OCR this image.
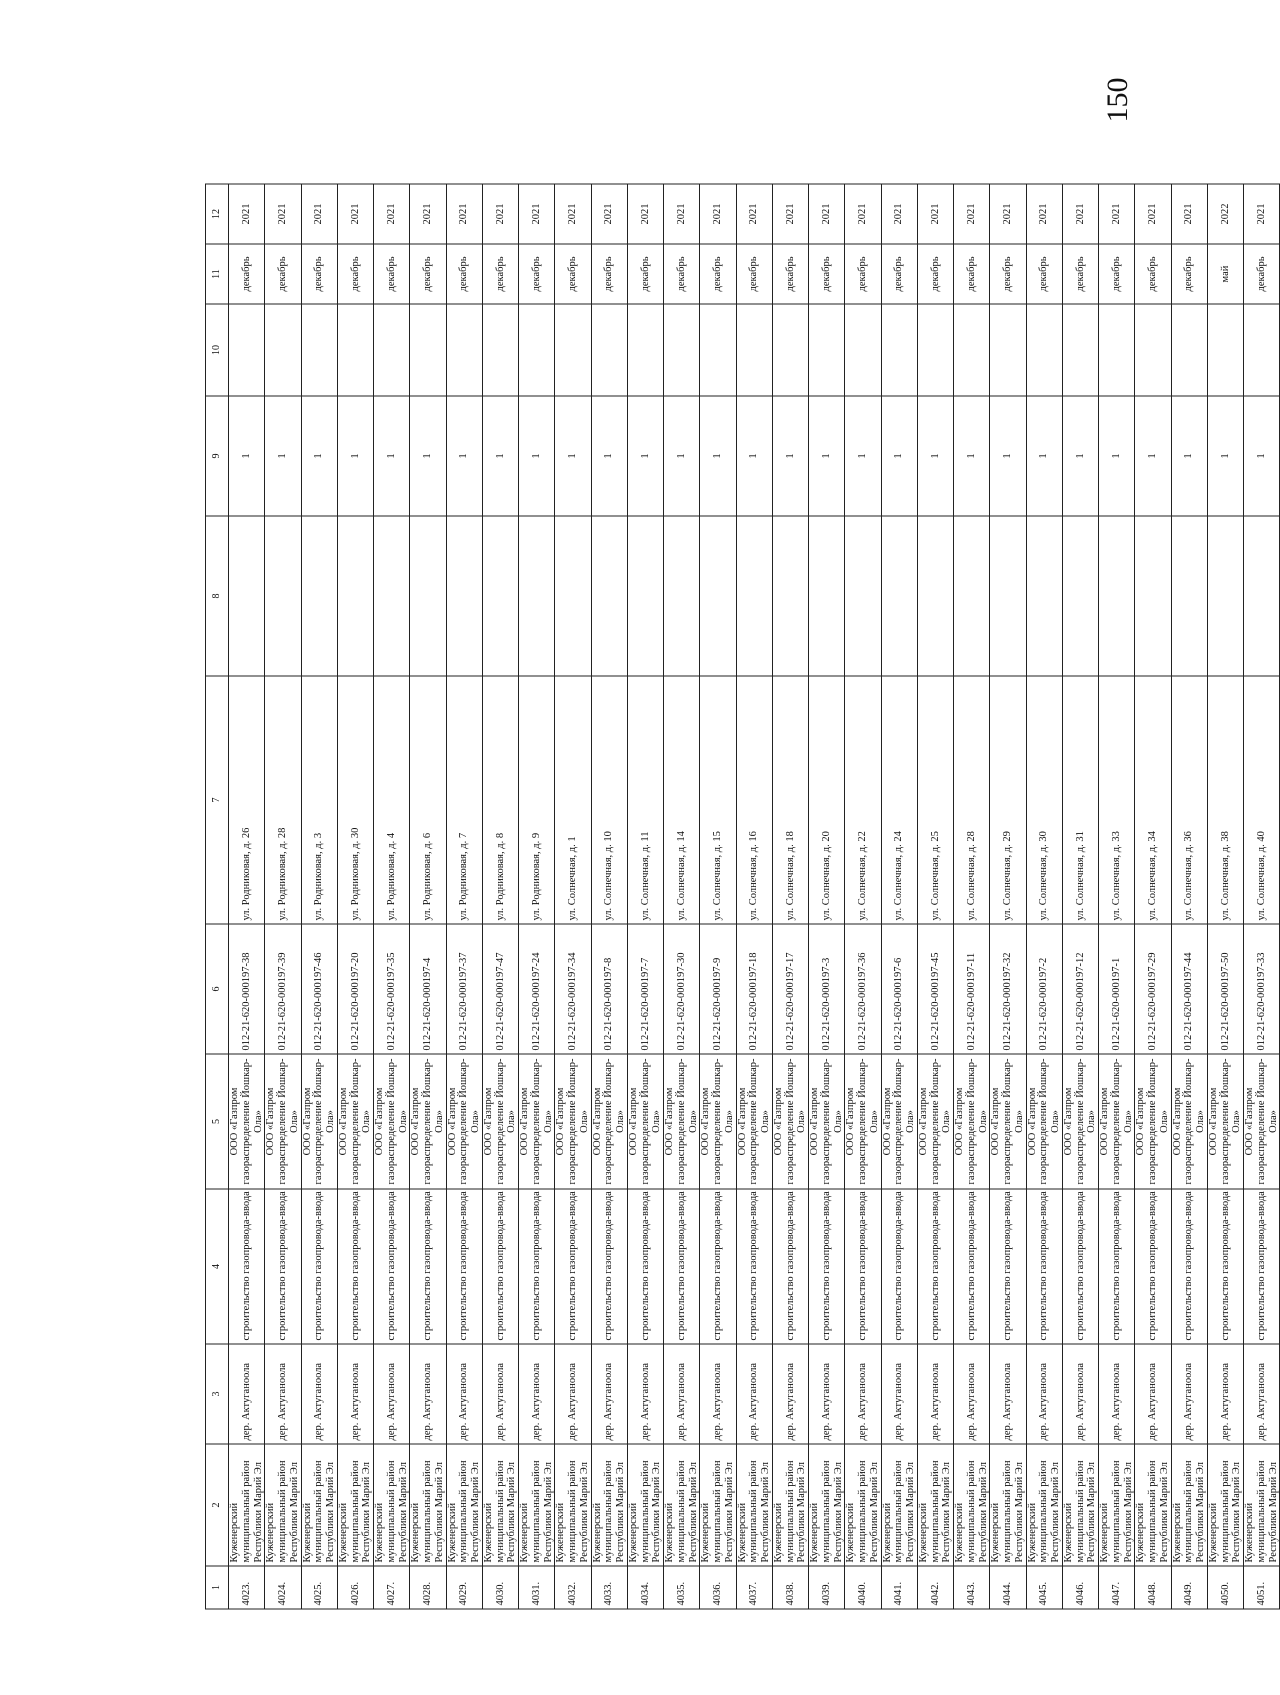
150
1	2	3	4	5	6	7	8	9	10	11	12
4023.	Куженерский муниципальный район Республики Марий Эл	дер. Актуганоола	строительство газопровода-ввода	ООО «Газпром газораспределение Йошкар-Ола»	012-21-620-000197-38	ул. Родниковая, д. 26		1		декабрь	2021
4024.	Куженерский муниципальный район Республики Марий Эл	дер. Актуганоола	строительство газопровода-ввода	ООО «Газпром газораспределение Йошкар-Ола»	012-21-620-000197-39	ул. Родниковая, д. 28		1		декабрь	2021
4025.	Куженерский муниципальный район Республики Марий Эл	дер. Актуганоола	строительство газопровода-ввода	ООО «Газпром газораспределение Йошкар-Ола»	012-21-620-000197-46	ул. Родниковая, д. 3		1		декабрь	2021
4026.	Куженерский муниципальный район Республики Марий Эл	дер. Актуганоола	строительство газопровода-ввода	ООО «Газпром газораспределение Йошкар-Ола»	012-21-620-000197-20	ул. Родниковая, д. 30		1		декабрь	2021
4027.	Куженерский муниципальный район Республики Марий Эл	дер. Актуганоола	строительство газопровода-ввода	ООО «Газпром газораспределение Йошкар-Ола»	012-21-620-000197-35	ул. Родниковая, д. 4		1		декабрь	2021
4028.	Куженерский муниципальный район Республики Марий Эл	дер. Актуганоола	строительство газопровода-ввода	ООО «Газпром газораспределение Йошкар-Ола»	012-21-620-000197-4	ул. Родниковая, д. 6		1		декабрь	2021
4029.	Куженерский муниципальный район Республики Марий Эл	дер. Актуганоола	строительство газопровода-ввода	ООО «Газпром газораспределение Йошкар-Ола»	012-21-620-000197-37	ул. Родниковая, д. 7		1		декабрь	2021
4030.	Куженерский муниципальный район Республики Марий Эл	дер. Актуганоола	строительство газопровода-ввода	ООО «Газпром газораспределение Йошкар-Ола»	012-21-620-000197-47	ул. Родниковая, д. 8		1		декабрь	2021
4031.	Куженерский муниципальный район Республики Марий Эл	дер. Актуганоола	строительство газопровода-ввода	ООО «Газпром газораспределение Йошкар-Ола»	012-21-620-000197-24	ул. Родниковая, д. 9		1		декабрь	2021
4032.	Куженерский муниципальный район Республики Марий Эл	дер. Актуганоола	строительство газопровода-ввода	ООО «Газпром газораспределение Йошкар-Ола»	012-21-620-000197-34	ул. Солнечная, д. 1		1		декабрь	2021
4033.	Куженерский муниципальный район Республики Марий Эл	дер. Актуганоола	строительство газопровода-ввода	ООО «Газпром газораспределение Йошкар-Ола»	012-21-620-000197-8	ул. Солнечная, д. 10		1		декабрь	2021
4034.	Куженерский муниципальный район Республики Марий Эл	дер. Актуганоола	строительство газопровода-ввода	ООО «Газпром газораспределение Йошкар-Ола»	012-21-620-000197-7	ул. Солнечная, д. 11		1		декабрь	2021
4035.	Куженерский муниципальный район Республики Марий Эл	дер. Актуганоола	строительство газопровода-ввода	ООО «Газпром газораспределение Йошкар-Ола»	012-21-620-000197-30	ул. Солнечная, д. 14		1		декабрь	2021
4036.	Куженерский муниципальный район Республики Марий Эл	дер. Актуганоола	строительство газопровода-ввода	ООО «Газпром газораспределение Йошкар-Ола»	012-21-620-000197-9	ул. Солнечная, д. 15		1		декабрь	2021
4037.	Куженерский муниципальный район Республики Марий Эл	дер. Актуганоола	строительство газопровода-ввода	ООО «Газпром газораспределение Йошкар-Ола»	012-21-620-000197-18	ул. Солнечная, д. 16		1		декабрь	2021
4038.	Куженерский муниципальный район Республики Марий Эл	дер. Актуганоола	строительство газопровода-ввода	ООО «Газпром газораспределение Йошкар-Ола»	012-21-620-000197-17	ул. Солнечная, д. 18		1		декабрь	2021
4039.	Куженерский муниципальный район Республики Марий Эл	дер. Актуганоола	строительство газопровода-ввода	ООО «Газпром газораспределение Йошкар-Ола»	012-21-620-000197-3	ул. Солнечная, д. 20		1		декабрь	2021
4040.	Куженерский муниципальный район Республики Марий Эл	дер. Актуганоола	строительство газопровода-ввода	ООО «Газпром газораспределение Йошкар-Ола»	012-21-620-000197-36	ул. Солнечная, д. 22		1		декабрь	2021
4041.	Куженерский муниципальный район Республики Марий Эл	дер. Актуганоола	строительство газопровода-ввода	ООО «Газпром газораспределение Йошкар-Ола»	012-21-620-000197-6	ул. Солнечная, д. 24		1		декабрь	2021
4042.	Куженерский муниципальный район Республики Марий Эл	дер. Актуганоола	строительство газопровода-ввода	ООО «Газпром газораспределение Йошкар-Ола»	012-21-620-000197-45	ул. Солнечная, д. 25		1		декабрь	2021
4043.	Куженерский муниципальный район Республики Марий Эл	дер. Актуганоола	строительство газопровода-ввода	ООО «Газпром газораспределение Йошкар-Ола»	012-21-620-000197-11	ул. Солнечная, д. 28		1		декабрь	2021
4044.	Куженерский муниципальный район Республики Марий Эл	дер. Актуганоола	строительство газопровода-ввода	ООО «Газпром газораспределение Йошкар-Ола»	012-21-620-000197-32	ул. Солнечная, д. 29		1		декабрь	2021
4045.	Куженерский муниципальный район Республики Марий Эл	дер. Актуганоола	строительство газопровода-ввода	ООО «Газпром газораспределение Йошкар-Ола»	012-21-620-000197-2	ул. Солнечная, д. 30		1		декабрь	2021
4046.	Куженерский муниципальный район Республики Марий Эл	дер. Актуганоола	строительство газопровода-ввода	ООО «Газпром газораспределение Йошкар-Ола»	012-21-620-000197-12	ул. Солнечная, д. 31		1		декабрь	2021
4047.	Куженерский муниципальный район Республики Марий Эл	дер. Актуганоола	строительство газопровода-ввода	ООО «Газпром газораспределение Йошкар-Ола»	012-21-620-000197-1	ул. Солнечная, д. 33		1		декабрь	2021
4048.	Куженерский муниципальный район Республики Марий Эл	дер. Актуганоола	строительство газопровода-ввода	ООО «Газпром газораспределение Йошкар-Ола»	012-21-620-000197-29	ул. Солнечная, д. 34		1		декабрь	2021
4049.	Куженерский муниципальный район Республики Марий Эл	дер. Актуганоола	строительство газопровода-ввода	ООО «Газпром газораспределение Йошкар-Ола»	012-21-620-000197-44	ул. Солнечная, д. 36		1		декабрь	2021
4050.	Куженерский муниципальный район Республики Марий Эл	дер. Актуганоола	строительство газопровода-ввода	ООО «Газпром газораспределение Йошкар-Ола»	012-21-620-000197-50	ул. Солнечная, д. 38		1		май	2022
4051.	Куженерский муниципальный район Республики Марий Эл	дер. Актуганоола	строительство газопровода-ввода	ООО «Газпром газораспределение Йошкар-Ола»	012-21-620-000197-33	ул. Солнечная, д. 40		1		декабрь	2021
